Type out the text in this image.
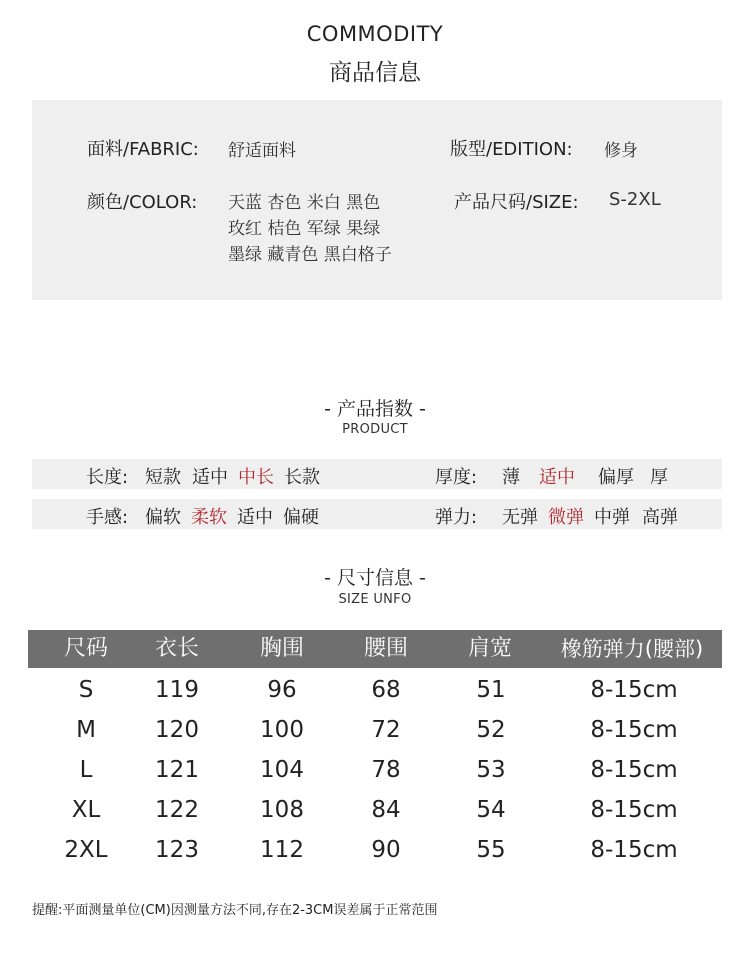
COMMODITY
商品信息
面料/FABRIC: 舒适面料	版型/EDITION: 修身
颜色/COLOR: 天蓝 杏色 米白 黑色
玫红 桔色 军绿 果绿
墨绿 藏青色 黑白格子
产品尺码/SIZE: S-2XL
- 产品指数 -
PRODUCT
长度: 短款 适中 中长 长款	厚度: 薄 适中 偏厚 厚
手感: 偏软 柔软 适中 偏硬	弹力: 无弹 微弹 中弹 高弹
- 尺寸信息 -
SIZE UNFO
尺码	衣长	胸围	腰围	肩宽	橡筋弹力(腰部)
S	119	96	68	51	8-15cm
M	120	100	72	52	8-15cm
L	121	104	78	53	8-15cm
XL	122	108	84	54	8-15cm
2XL	123	112	90	55	8-15cm
提醒:平面测量单位(CM)因测量方法不同,存在2-3CM误差属于正常范围
